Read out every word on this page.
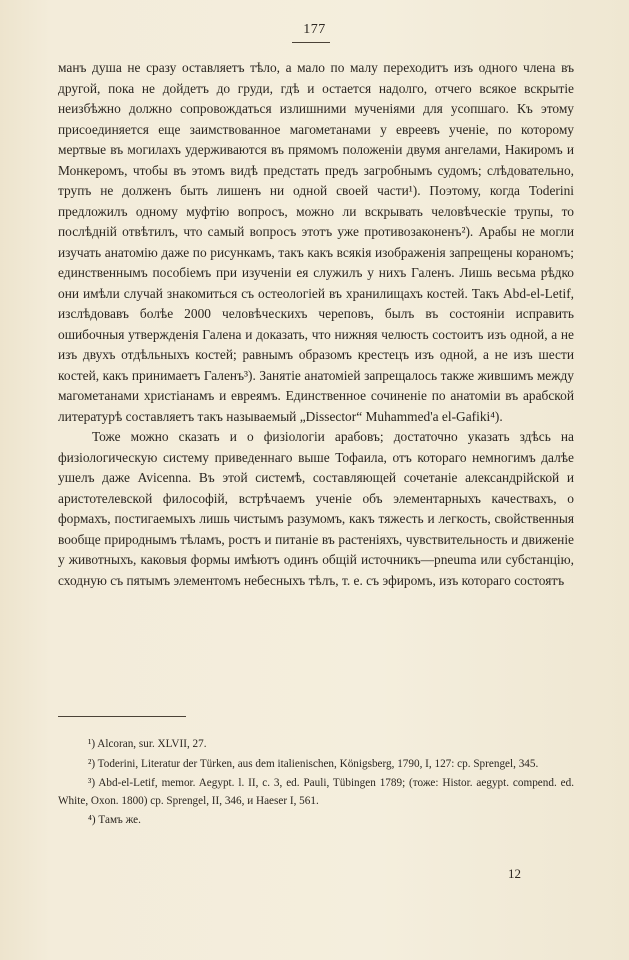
177

манъ душа не сразу оставляетъ тѣло, а мало по малу переходитъ изъ одного члена въ другой, пока не дойдетъ до груди, гдѣ и остается надолго, отчего всякое вскрытіе неизбѣжно должно сопровождаться излишними мученіями для усопшаго. Къ этому присоединяется еще заимствованное магометанами у евреевъ ученіе, по которому мертвые въ могилахъ удерживаются въ прямомъ положеніи двумя ангелами, Накиромъ и Монкеромъ, чтобы въ этомъ видѣ предстать предъ загробнымъ судомъ; слѣдовательно, трупъ не долженъ быть лишенъ ни одной своей части¹). Поэтому, когда Toderini предложилъ одному муфтію вопросъ, можно ли вскрывать человѣческіе трупы, то послѣдній отвѣтилъ, что самый вопросъ этотъ уже противозаконенъ²). Арабы не могли изучать анатомію даже по рисункамъ, такъ какъ всякія изображенія запрещены кораномъ; единственнымъ пособіемъ при изученіи ея служилъ у нихъ Галенъ. Лишь весьма рѣдко они имѣли случай знакомиться съ остеологіей въ хранилищахъ костей. Такъ Abd-el-Letif, изслѣдовавъ болѣе 2000 человѣческихъ череповъ, былъ въ состояніи исправить ошибочныя утвержденія Галена и доказать, что нижняя челюсть состоитъ изъ одной, а не изъ двухъ отдѣльныхъ костей; равнымъ образомъ крестецъ изъ одной, а не изъ шести костей, какъ принимаетъ Галенъ³). Занятіе анатоміей запрещалось также жившимъ между магометанами христіанамъ и евреямъ. Единственное сочиненіе по анатоміи въ арабской литературѣ составляетъ такъ называемый „Dissector“ Muhammed'a el-Gafiki⁴).

Тоже можно сказать и о физіологіи арабовъ; достаточно указать здѣсь на физіологическую систему приведеннаго выше Тофаила, отъ котораго немногимъ далѣе ушелъ даже Avicenna. Въ этой системѣ, составляющей сочетаніе александрійской и аристотелевской философій, встрѣчаемъ ученіе объ элементарныхъ качествахъ, о формахъ, постигаемыхъ лишь чистымъ разумомъ, какъ тяжесть и легкость, свойственныя вообще природнымъ тѣламъ, ростъ и питаніе въ растеніяхъ, чувствительность и движеніе у животныхъ, каковыя формы имѣютъ одинъ общій источникъ—pneuma или субстанцію, сходную съ пятымъ элементомъ небесныхъ тѣлъ, т. е. съ эфиромъ, изъ котораго состоятъ

¹) Alcoran, sur. XLVII, 27.

²) Toderini, Literatur der Türken, aus dem italienischen, Königsberg, 1790, I, 127: cp. Sprengel, 345.

³) Abd-el-Letif, memor. Aegypt. l. II, c. 3, ed. Pauli, Tübingen 1789; (тоже: Histor. aegypt. compend. ed. White, Oxon. 1800) cp. Sprengel, II, 346, и Haeser I, 561.

⁴) Тамъ же.

12
